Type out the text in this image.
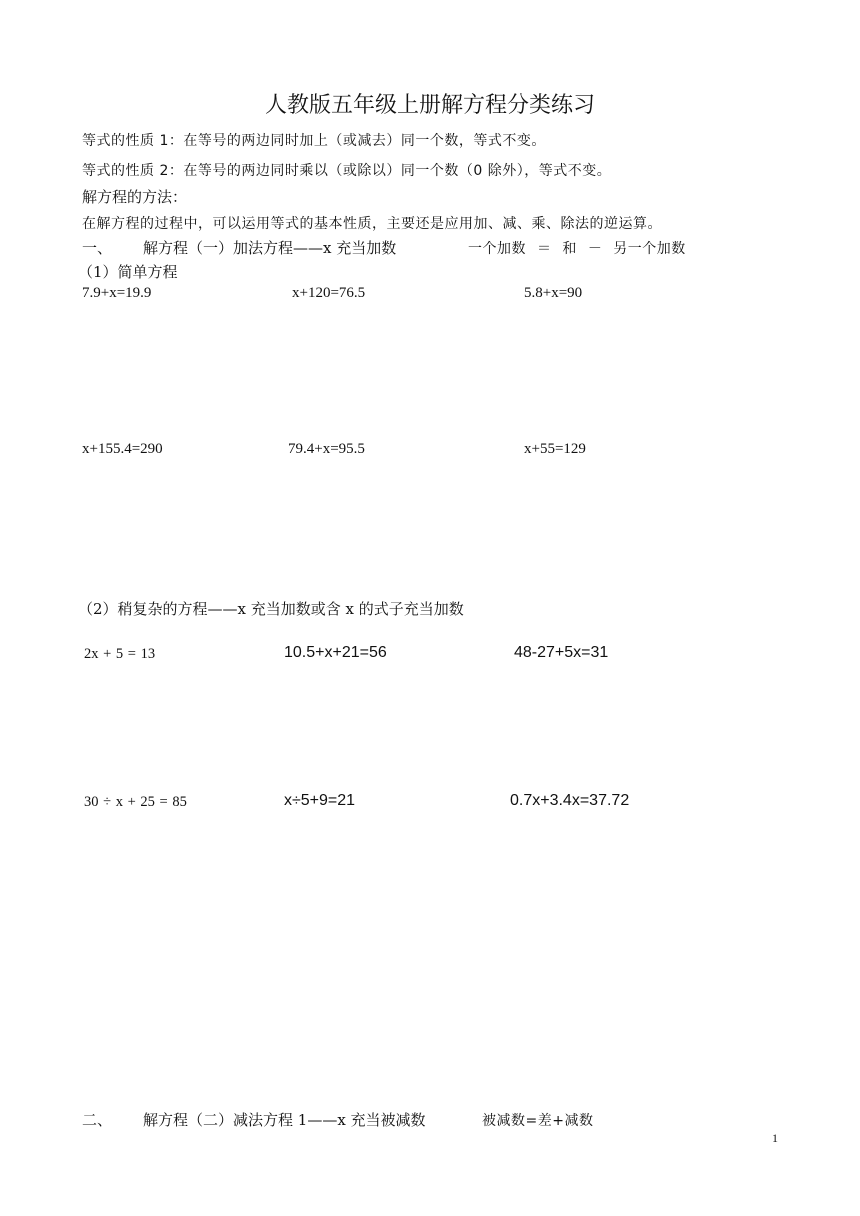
人教版五年级上册解方程分类练习
等式的性质 1：在等号的两边同时加上（或减去）同一个数，等式不变。
等式的性质 2：在等号的两边同时乘以（或除以）同一个数（0 除外），等式不变。
解方程的方法：
在解方程的过程中，可以运用等式的基本性质，主要还是应用加、减、乘、除法的逆运算。
一、 解方程（一）加法方程——x 充当加数	一个加数 ＝ 和 － 另一个加数
（1）简单方程
7.9+x=19.9	x+120=76.5	5.8+x=90
x+155.4=290	79.4+x=95.5	x+55=129
（2）稍复杂的方程——x 充当加数或含 x 的式子充当加数
2x + 5 = 13	10.5+x+21=56	48-27+5x=31
30 ÷ x + 25 = 85	x÷5+9=21	0.7x+3.4x=37.72
二、 解方程（二）减法方程 1——x 充当被减数	被减数=差+减数
1
